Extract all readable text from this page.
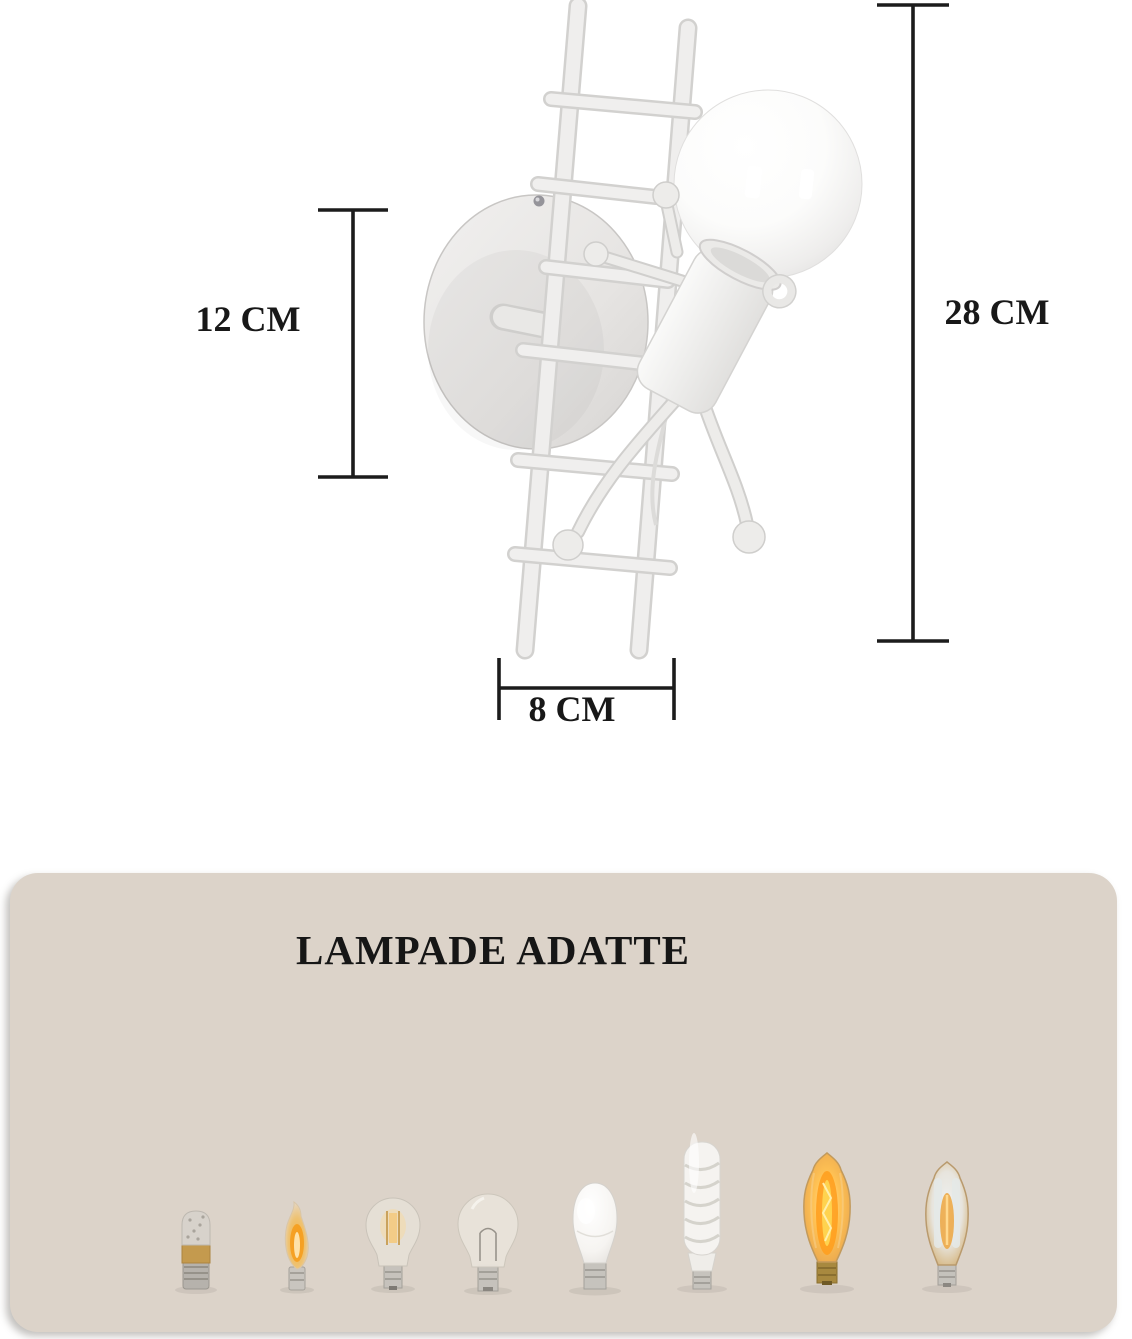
12 CM	28 CM
8 CM
LAMPADE ADATTE
